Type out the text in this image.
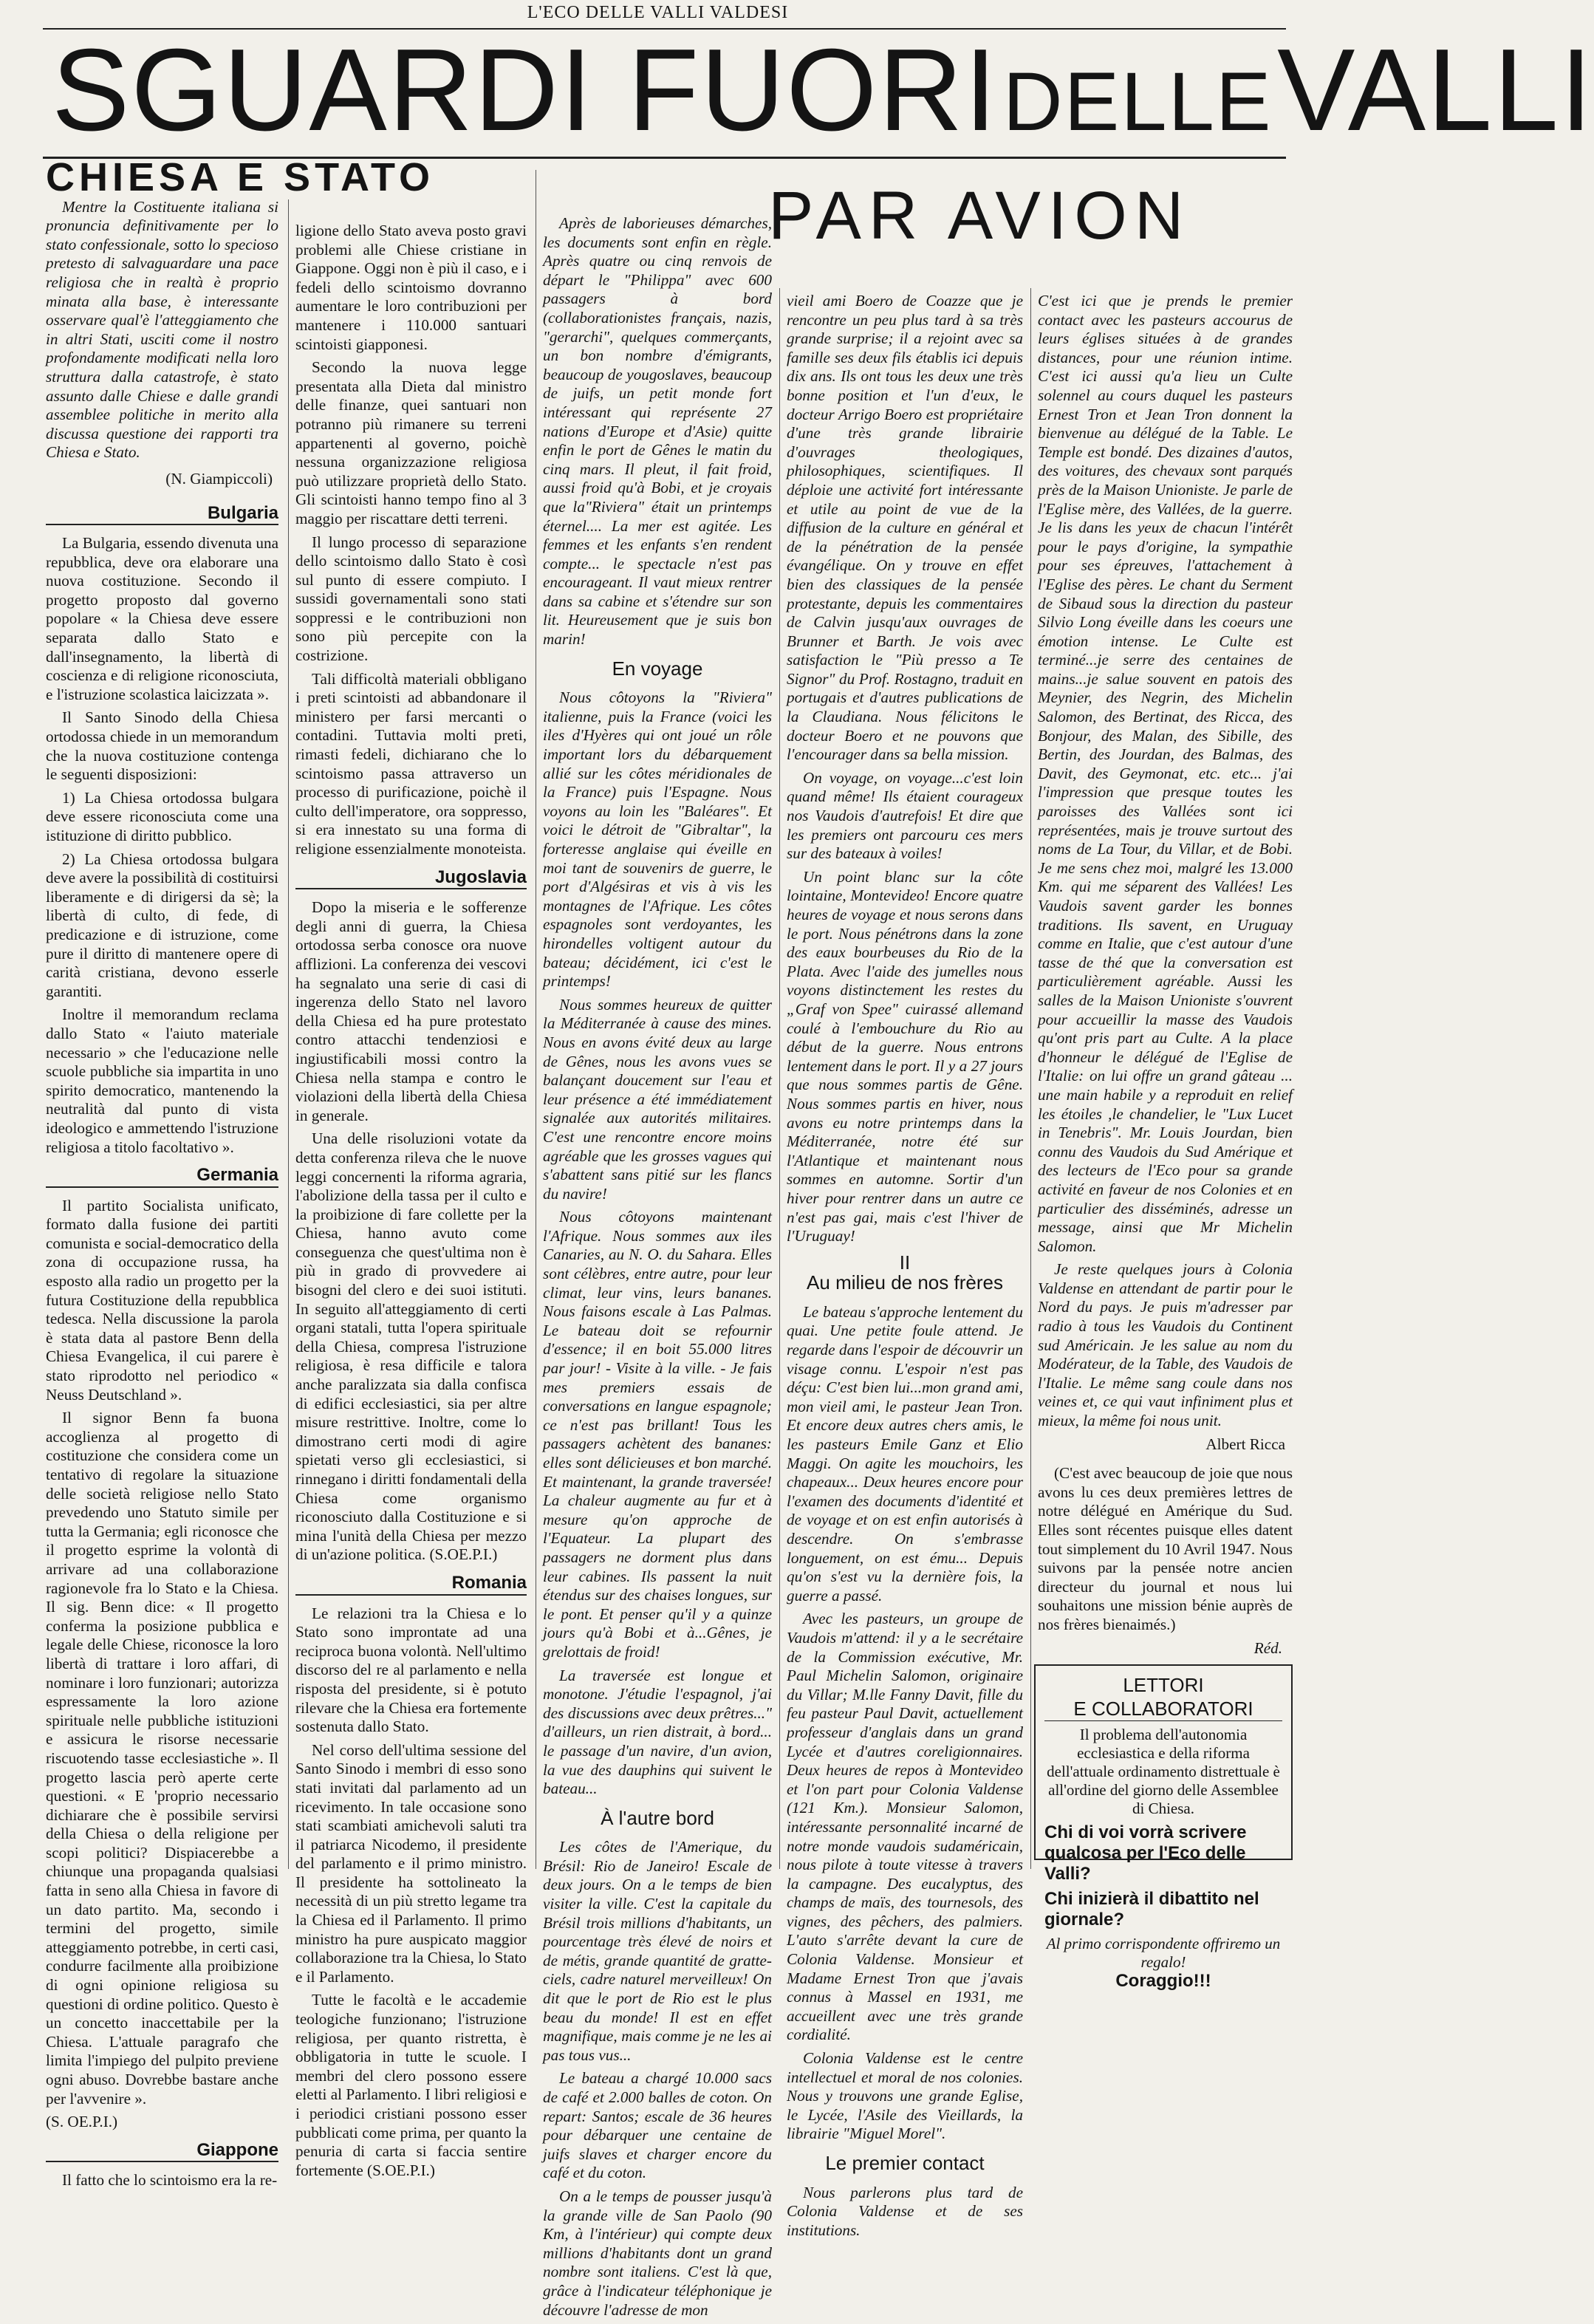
L'ECO DELLE VALLI VALDESI
SGUARDI FUORI DELLE VALLI
CHIESA E STATO

Mentre la Costituente italiana si pronuncia definitivamente per lo stato confessionale, sotto lo specioso pretesto di salvaguardare una pace religiosa che in realtà è proprio minata alla base, è interessante osservare qual'è l'atteggiamento che in altri Stati, usciti come il nostro profondamente modificati nella loro struttura dalla catastrofe, è stato assunto dalle Chiese e dalle grandi assemblee politiche in merito alla discussa questione dei rapporti tra Chiesa e Stato.

(N. Giampiccoli)

Bulgaria

La Bulgaria, essendo divenuta una repubblica, deve ora elaborare una nuova costituzione. Secondo il progetto proposto dal governo popolare « la Chiesa deve essere separata dallo Stato e dall'insegnamento, la libertà di coscienza e di religione riconosciuta, e l'istruzione scolastica laicizzata ».

Il Santo Sinodo della Chiesa ortodossa chiede in un memorandum che la nuova costituzione contenga le seguenti disposizioni:

1) La Chiesa ortodossa bulgara deve essere riconosciuta come una istituzione di diritto pubblico.

2) La Chiesa ortodossa bulgara deve avere la possibilità di costituirsi liberamente e di dirigersi da sè; la libertà di culto, di fede, di predicazione e di istruzione, come pure il diritto di mantenere opere di carità cristiana, devono esserle garantiti.

Inoltre il memorandum reclama dallo Stato « l'aiuto materiale necessario » che l'educazione nelle scuole pubbliche sia impartita in uno spirito democratico, mantenendo la neutralità dal punto di vista ideologico e ammettendo l'istruzione religiosa a titolo facoltativo ».

Germania

Il partito Socialista unificato, formato dalla fusione dei partiti comunista e social-democratico della zona di occupazione russa, ha esposto alla radio un progetto per la futura Costituzione della repubblica tedesca. Nella discussione la parola è stata data al pastore Benn della Chiesa Evangelica, il cui parere è stato riprodotto nel periodico « Neuss Deutschland ».

Il signor Benn fa buona accoglienza al progetto di costituzione che considera come un tentativo di regolare la situazione delle società religiose nello Stato prevedendo uno Statuto simile per tutta la Germania; egli riconosce che il progetto esprime la volontà di arrivare ad una collaborazione ragionevole fra lo Stato e la Chiesa. Il sig. Benn dice: « Il progetto conferma la posizione pubblica e legale delle Chiese, riconosce la loro libertà di trattare i loro affari, di nominare i loro funzionari; autorizza espressamente la loro azione spirituale nelle pubbliche istituzioni e assicura le risorse necessarie riscuotendo tasse ecclesiastiche ». Il progetto lascia però aperte certe questioni. « E 'proprio necessario dichiarare che è possibile servirsi della Chiesa o della religione per scopi politici? Dispiacerebbe a chiunque una propaganda qualsiasi fatta in seno alla Chiesa in favore di un dato partito. Ma, secondo i termini del progetto, simile atteggiamento potrebbe, in certi casi, condurre facilmente alla proibizione di ogni opinione religiosa su questioni di ordine politico. Questo è un concetto inaccettabile per la Chiesa. L'attuale paragrafo che limita l'impiego del pulpito previene ogni abuso. Dovrebbe bastare anche per l'avvenire ».

(S. OE.P.I.)

Giappone

Il fatto che lo scintoismo era la re-

ligione dello Stato aveva posto gravi problemi alle Chiese cristiane in Giappone. Oggi non è più il caso, e i fedeli dello scintoismo dovranno aumentare le loro contribuzioni per mantenere i 110.000 santuari scintoisti giapponesi.

Secondo la nuova legge presentata alla Dieta dal ministro delle finanze, quei santuari non potranno più rimanere su terreni appartenenti al governo, poichè nessuna organizzazione religiosa può utilizzare proprietà dello Stato. Gli scintoisti hanno tempo fino al 3 maggio per riscattare detti terreni.

Il lungo processo di separazione dello scintoismo dallo Stato è così sul punto di essere compiuto. I sussidi governamentali sono stati soppressi e le contribuzioni non sono più percepite con la costrizione.

Tali difficoltà materiali obbligano i preti scintoisti ad abbandonare il ministero per farsi mercanti o contadini. Tuttavia molti preti, rimasti fedeli, dichiarano che lo scintoismo passa attraverso un processo di purificazione, poichè il culto dell'imperatore, ora soppresso, si era innestato su una forma di religione essenzialmente monoteista.

Jugoslavia

Dopo la miseria e le sofferenze degli anni di guerra, la Chiesa ortodossa serba conosce ora nuove afflizioni. La conferenza dei vescovi ha segnalato una serie di casi di ingerenza dello Stato nel lavoro della Chiesa ed ha pure protestato contro attacchi tendenziosi e ingiustificabili mossi contro la Chiesa nella stampa e contro le violazioni della libertà della Chiesa in generale.

Una delle risoluzioni votate da detta conferenza rileva che le nuove leggi concernenti la riforma agraria, l'abolizione della tassa per il culto e la proibizione di fare collette per la Chiesa, hanno avuto come conseguenza che quest'ultima non è più in grado di provvedere ai bisogni del clero e dei suoi istituti. In seguito all'atteggiamento di certi organi statali, tutta l'opera spirituale della Chiesa, compresa l'istruzione religiosa, è resa difficile e talora anche paralizzata sia dalla confisca di edifici ecclesiastici, sia per altre misure restrittive. Inoltre, come lo dimostrano certi modi di agire spietati verso gli ecclesiastici, si rinnegano i diritti fondamentali della Chiesa come organismo riconosciuto dalla Costituzione e si mina l'unità della Chiesa per mezzo di un'azione politica. (S.OE.P.I.)

Romania

Le relazioni tra la Chiesa e lo Stato sono improntate ad una reciproca buona volontà. Nell'ultimo discorso del re al parlamento e nella risposta del presidente, si è potuto rilevare che la Chiesa era fortemente sostenuta dallo Stato.

Nel corso dell'ultima sessione del Santo Sinodo i membri di esso sono stati invitati dal parlamento ad un ricevimento. In tale occasione sono stati scambiati amichevoli saluti tra il patriarca Nicodemo, il presidente del parlamento e il primo ministro. Il presidente ha sottolineato la necessità di un più stretto legame tra la Chiesa ed il Parlamento. Il primo ministro ha pure auspicato maggior collaborazione tra la Chiesa, lo Stato e il Parlamento.

Tutte le facoltà e le accademie teologiche funzionano; l'istruzione religiosa, per quanto ristretta, è obbligatoria in tutte le scuole. I membri del clero possono essere eletti al Parlamento. I libri religiosi e i periodici cristiani possono esser pubblicati come prima, per quanto la penuria di carta si faccia sentire fortemente (S.OE.P.I.)

PAR AVION

Après de laborieuses démarches, les documents sont enfin en règle. Après quatre ou cinq renvois de départ le "Philippa" avec 600 passagers à bord (collaborationistes français, nazis, "gerarchi", quelques commerçants, un bon nombre d'émigrants, beaucoup de yougoslaves, beaucoup de juifs, un petit monde fort intéressant qui représente 27 nations d'Europe et d'Asie) quitte enfin le port de Gênes le matin du cinq mars. Il pleut, il fait froid, aussi froid qu'à Bobi, et je croyais que la"Riviera" était un printemps éternel.... La mer est agitée. Les femmes et les enfants s'en rendent compte... le spectacle n'est pas encourageant. Il vaut mieux rentrer dans sa cabine et s'étendre sur son lit. Heureusement que je suis bon marin!

En voyage

Nous côtoyons la "Riviera" italienne, puis la France (voici les iles d'Hyères qui ont joué un rôle important lors du débarquement allié sur les côtes méridionales de la France) puis l'Espagne. Nous voyons au loin les "Baléares". Et voici le détroit de "Gibraltar", la forteresse anglaise qui éveille en moi tant de souvenirs de guerre, le port d'Algésiras et vis à vis les montagnes de l'Afrique. Les côtes espagnoles sont verdoyantes, les hirondelles voltigent autour du bateau; décidément, ici c'est le printemps!

Nous sommes heureux de quitter la Méditerranée à cause des mines. Nous en avons évité deux au large de Gênes, nous les avons vues se balançant doucement sur l'eau et leur présence a été immédiatement signalée aux autorités militaires. C'est une rencontre encore moins agréable que les grosses vagues qui s'abattent sans pitié sur les flancs du navire!

Nous côtoyons maintenant l'Afrique. Nous sommes aux iles Canaries, au N. O. du Sahara. Elles sont célèbres, entre autre, pour leur climat, leur vins, leurs bananes. Nous faisons escale à Las Palmas. Le bateau doit se refournir d'essence; il en boit 55.000 litres par jour! - Visite à la ville. - Je fais mes premiers essais de conversations en langue espagnole; ce n'est pas brillant! Tous les passagers achètent des bananes: elles sont délicieuses et bon marché. Et maintenant, la grande traversée! La chaleur augmente au fur et à mesure qu'on approche de l'Equateur. La plupart des passagers ne dorment plus dans leur cabines. Ils passent la nuit étendus sur des chaises longues, sur le pont. Et penser qu'il y a quinze jours qu'à Bobi et à...Gênes, je grelottais de froid!

La traversée est longue et monotone. J'étudie l'espagnol, j'ai des discussions avec deux prêtres..." d'ailleurs, un rien distrait, à bord... le passage d'un navire, d'un avion, la vue des dauphins qui suivent le bateau...

À l'autre bord

Les côtes de l'Amerique, du Brésil: Rio de Janeiro! Escale de deux jours. On a le temps de bien visiter la ville. C'est la capitale du Brésil trois millions d'habitants, un pourcentage très élevé de noirs et de métis, grande quantité de gratte-ciels, cadre naturel merveilleux! On dit que le port de Rio est le plus beau du monde! Il est en effet magnifique, mais comme je ne les ai pas tous vus...

Le bateau a chargé 10.000 sacs de café et 2.000 balles de coton. On repart: Santos; escale de 36 heures pour débarquer une centaine de juifs slaves et charger encore du café et du coton.

On a le temps de pousser jusqu'à la grande ville de San Paolo (90 Km, à l'intérieur) qui compte deux millions d'habitants dont un grand nombre sont italiens. C'est là que, grâce à l'indicateur téléphonique je découvre l'adresse de mon

vieil ami Boero de Coazze que je rencontre un peu plus tard à sa très grande surprise; il a rejoint avec sa famille ses deux fils établis ici depuis dix ans. Ils ont tous les deux une très bonne position et l'un d'eux, le docteur Arrigo Boero est propriétaire d'une très grande librairie d'ouvrages theologiques, philosophiques, scientifiques. Il déploie une activité fort intéressante et utile au point de vue de la diffusion de la culture en général et de la pénétration de la pensée évangélique. On y trouve en effet bien des classiques de la pensée protestante, depuis les commentaires de Calvin jusqu'aux ouvrages de Brunner et Barth. Je vois avec satisfaction le "Più presso a Te Signor" du Prof. Rostagno, traduit en portugais et d'autres publications de la Claudiana. Nous félicitons le docteur Boero et ne pouvons que l'encourager dans sa bella mission.

On voyage, on voyage...c'est loin quand même! Ils étaient courageux nos Vaudois d'autrefois! Et dire que les premiers ont parcouru ces mers sur des bateaux à voiles!

Un point blanc sur la côte lointaine, Montevideo! Encore quatre heures de voyage et nous serons dans le port. Nous pénétrons dans la zone des eaux bourbeuses du Rio de la Plata. Avec l'aide des jumelles nous voyons distinctement les restes du „Graf von Spee" cuirassé allemand coulé à l'embouchure du Rio au début de la guerre. Nous entrons lentement dans le port. Il y a 27 jours que nous sommes partis de Gêne. Nous sommes partis en hiver, nous avons eu notre printemps dans la Méditerranée, notre été sur l'Atlantique et maintenant nous sommes en automne. Sortir d'un hiver pour rentrer dans un autre ce n'est pas gai, mais c'est l'hiver de l'Uruguay!

II
Au milieu de nos frères

Le bateau s'approche lentement du quai. Une petite foule attend. Je regarde dans l'espoir de découvrir un visage connu. L'espoir n'est pas déçu: C'est bien lui...mon grand ami, mon vieil ami, le pasteur Jean Tron. Et encore deux autres chers amis, le les pasteurs Emile Ganz et Elio Maggi. On agite les mouchoirs, les chapeaux... Deux heures encore pour l'examen des documents d'identité et de voyage et on est enfin autorisés à descendre. On s'embrasse longuement, on est ému... Depuis qu'on s'est vu la dernière fois, la guerre a passé.

Avec les pasteurs, un groupe de Vaudois m'attend: il y a le secrétaire de la Commission exécutive, Mr. Paul Michelin Salomon, originaire du Villar; M.lle Fanny Davit, fille du feu pasteur Paul Davit, actuellement professeur d'anglais dans un grand Lycée et d'autres coreligionnaires. Deux heures de repos à Montevideo et l'on part pour Colonia Valdense (121 Km.). Monsieur Salomon, intéressante personnalité incarné de notre monde vaudois sudaméricain, nous pilote à toute vitesse à travers la campagne. Des eucalyptus, des champs de maïs, des tournesols, des vignes, des pêchers, des palmiers. L'auto s'arrête devant la cure de Colonia Valdense. Monsieur et Madame Ernest Tron que j'avais connus à Massel en 1931, me accueillent avec une très grande cordialité.

Colonia Valdense est le centre intellectuel et moral de nos colonies. Nous y trouvons une grande Eglise, le Lycée, l'Asile des Vieillards, la librairie "Miguel Morel".

Le premier contact

Nous parlerons plus tard de Colonia Valdense et de ses institutions.

C'est ici que je prends le premier contact avec les pasteurs accourus de leurs églises situées à de grandes distances, pour une réunion intime. C'est ici aussi qu'a lieu un Culte solennel au cours duquel les pasteurs Ernest Tron et Jean Tron donnent la bienvenue au délégué de la Table. Le Temple est bondé. Des dizaines d'autos, des voitures, des chevaux sont parqués près de la Maison Unioniste. Je parle de l'Eglise mère, des Vallées, de la guerre. Je lis dans les yeux de chacun l'intérêt pour le pays d'origine, la sympathie pour ses épreuves, l'attachement à l'Eglise des pères. Le chant du Serment de Sibaud sous la direction du pasteur Silvio Long éveille dans les coeurs une émotion intense. Le Culte est terminé...je serre des centaines de mains...je salue souvent en patois des Meynier, des Negrin, des Michelin Salomon, des Bertinat, des Ricca, des Bonjour, des Malan, des Sibille, des Bertin, des Jourdan, des Balmas, des Davit, des Geymonat, etc. etc... j'ai l'impression que presque toutes les paroisses des Vallées sont ici représentées, mais je trouve surtout des noms de La Tour, du Villar, et de Bobi. Je me sens chez moi, malgré les 13.000 Km. qui me séparent des Vallées! Les Vaudois savent garder les bonnes traditions. Ils savent, en Uruguay comme en Italie, que c'est autour d'une tasse de thé que la conversation est particulièrement agréable. Aussi les salles de la Maison Unioniste s'ouvrent pour accueillir la masse des Vaudois qu'ont pris part au Culte. A la place d'honneur le délégué de l'Eglise de l'Italie: on lui offre un grand gâteau ... une main habile y a reproduit en relief les étoiles ,le chandelier, le "Lux Lucet in Tenebris". Mr. Louis Jourdan, bien connu des Vaudois du Sud Amérique et des lecteurs de l'Eco pour sa grande activité en faveur de nos Colonies et en particulier des disséminés, adresse un message, ainsi que Mr Michelin Salomon.

Je reste quelques jours à Colonia Valdense en attendant de partir pour le Nord du pays. Je puis m'adresser par radio à tous les Vaudois du Continent sud Américain. Je les salue au nom du Modérateur, de la Table, des Vaudois de l'Italie. Le même sang coule dans nos veines et, ce qui vaut infiniment plus et mieux, la même foi nous unit.

Albert Ricca

(C'est avec beaucoup de joie que nous avons lu ces deux premières lettres de notre délégué en Amérique du Sud. Elles sont récentes puisque elles datent tout simplement du 10 Avril 1947. Nous suivons par la pensée notre ancien directeur du journal et nous lui souhaitons une mission bénie auprès de nos frères bienaimés.)

Réd.

LETTORI
E COLLABORATORI
Il problema dell'autonomia ecclesiastica e della riforma dell'attuale ordinamento distrettuale è all'ordine del giorno delle Assemblee di Chiesa.
Chi di voi vorrà scrivere qualcosa per l'Eco delle Valli?
Chi inizierà il dibattito nel giornale?
Al primo corrispondente offriremo un regalo!
Coraggio!!!
